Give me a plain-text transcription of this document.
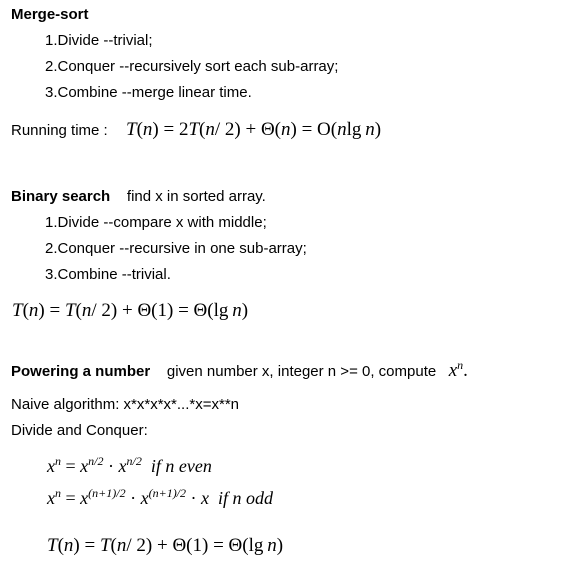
Merge-sort
1.Divide --trivial;
2.Conquer --recursively sort each sub-array;
3.Combine --merge linear time.
Running time : T(n) = 2T(n/ 2) + Θ(n) = O(nlg  n)
Binary search find x in sorted array.
1.Divide --compare x with middle;
2.Conquer --recursive in one sub-array;
3.Combine --trivial.
T(n) = T(n/ 2) + Θ(1) = Θ(lg  n)
Powering a number given number x, integer n >= 0, compute $x^n$.
Naive algorithm: x*x*x*x*...*x=x**n
Divide and Conquer:
$x^n = x^{n/2} \cdot x^{n/2}$ if n even
$x^n = x^{(n+1)/2} \cdot x^{(n+1)/2} \cdot x$ if n odd
T(n) = T(n/ 2) + Θ(1) = Θ(lg  n)
